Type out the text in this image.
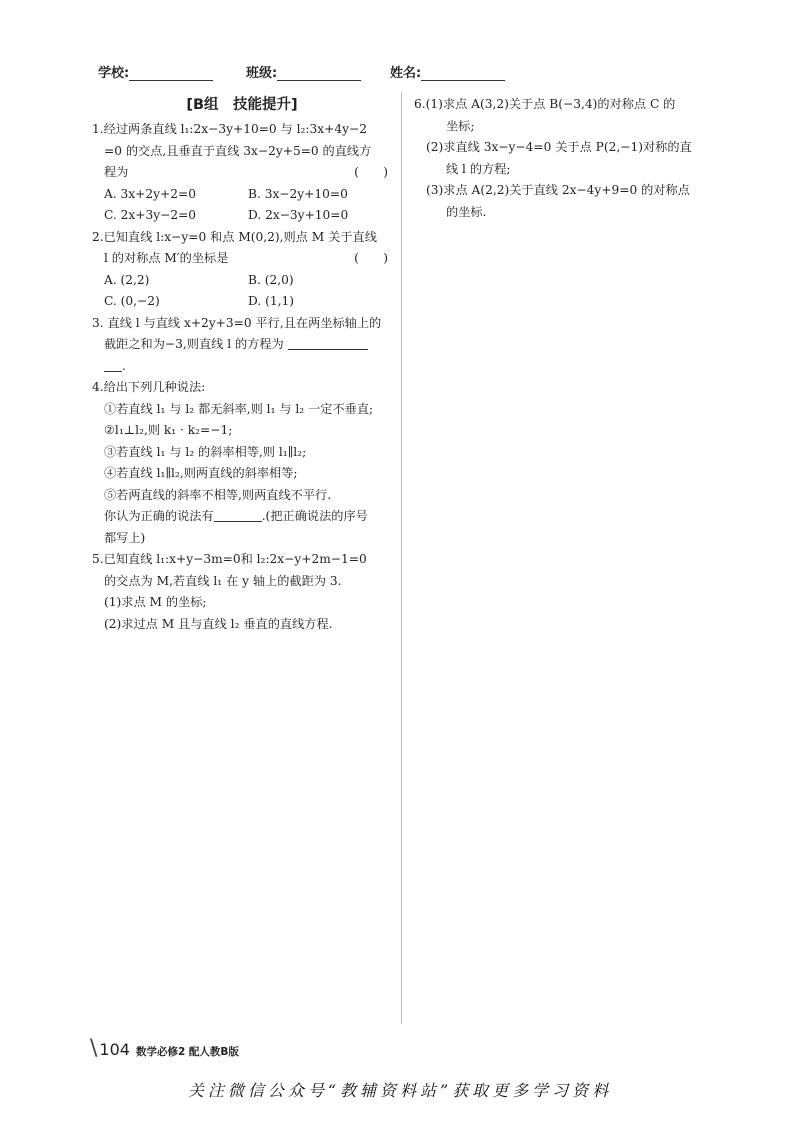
学校:	班级:	姓名:
[B组　技能提升]
1.经过两条直线 l₁:2x−3y+10=0 与 l₂:3x+4y−2
=0 的交点,且垂直于直线 3x−2y+5=0 的直线方
程为	(　　)
A. 3x+2y+2=0	B. 3x−2y+10=0
C. 2x+3y−2=0	D. 2x−3y+10=0
2.已知直线 l:x−y=0 和点 M(0,2),则点 M 关于直线
l 的对称点 M′的坐标是	(　　)
A. (2,2)	B. (2,0)
C. (0,−2)	D. (1,1)
3. 直线 l 与直线 x+2y+3=0 平行,且在两坐标轴上的
截距之和为−3,则直线 l 的方程为
.
4.给出下列几种说法:
①若直线 l₁ 与 l₂ 都无斜率,则 l₁ 与 l₂ 一定不垂直;
②l₁⊥l₂,则 k₁ · k₂=−1;
③若直线 l₁ 与 l₂ 的斜率相等,则 l₁∥l₂;
④若直线 l₁∥l₂,则两直线的斜率相等;
⑤若两直线的斜率不相等,则两直线不平行.
你认为正确的说法有	.(把正确说法的序号
都写上)
5.已知直线 l₁:x+y−3m=0和 l₂:2x−y+2m−1=0
的交点为 M,若直线 l₁ 在 y 轴上的截距为 3.
(1)求点 M 的坐标;
(2)求过点 M 且与直线 l₂ 垂直的直线方程.
6.(1)求点 A(3,2)关于点 B(−3,4)的对称点 C 的
坐标;
(2)求直线 3x−y−4=0 关于点 P(2,−1)对称的直
线 l 的方程;
(3)求点 A(2,2)关于直线 2x−4y+9=0 的对称点
的坐标.
\ 104 数学必修2 配人教B版
关注微信公众号“教辅资料站”获取更多学习资料
